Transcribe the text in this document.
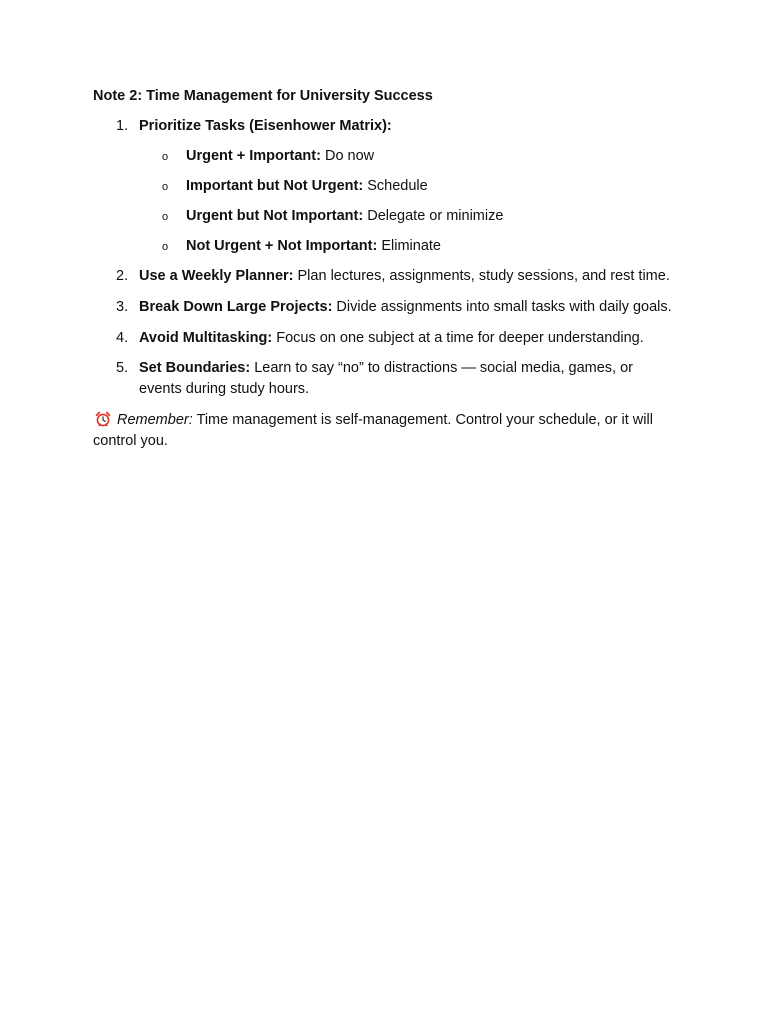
Note 2: Time Management for University Success

1. Prioritize Tasks (Eisenhower Matrix):
o	Urgent + Important: Do now
o	Important but Not Urgent: Schedule
o	Urgent but Not Important: Delegate or minimize
o	Not Urgent + Not Important: Eliminate
2. Use a Weekly Planner: Plan lectures, assignments, study sessions, and rest time.
3. Break Down Large Projects: Divide assignments into small tasks with daily goals.
4. Avoid Multitasking: Focus on one subject at a time for deeper understanding.
5. Set Boundaries: Learn to say “no” to distractions — social media, games, or events during study hours.
Remember: Time management is self-management. Control your schedule, or it will control you.
